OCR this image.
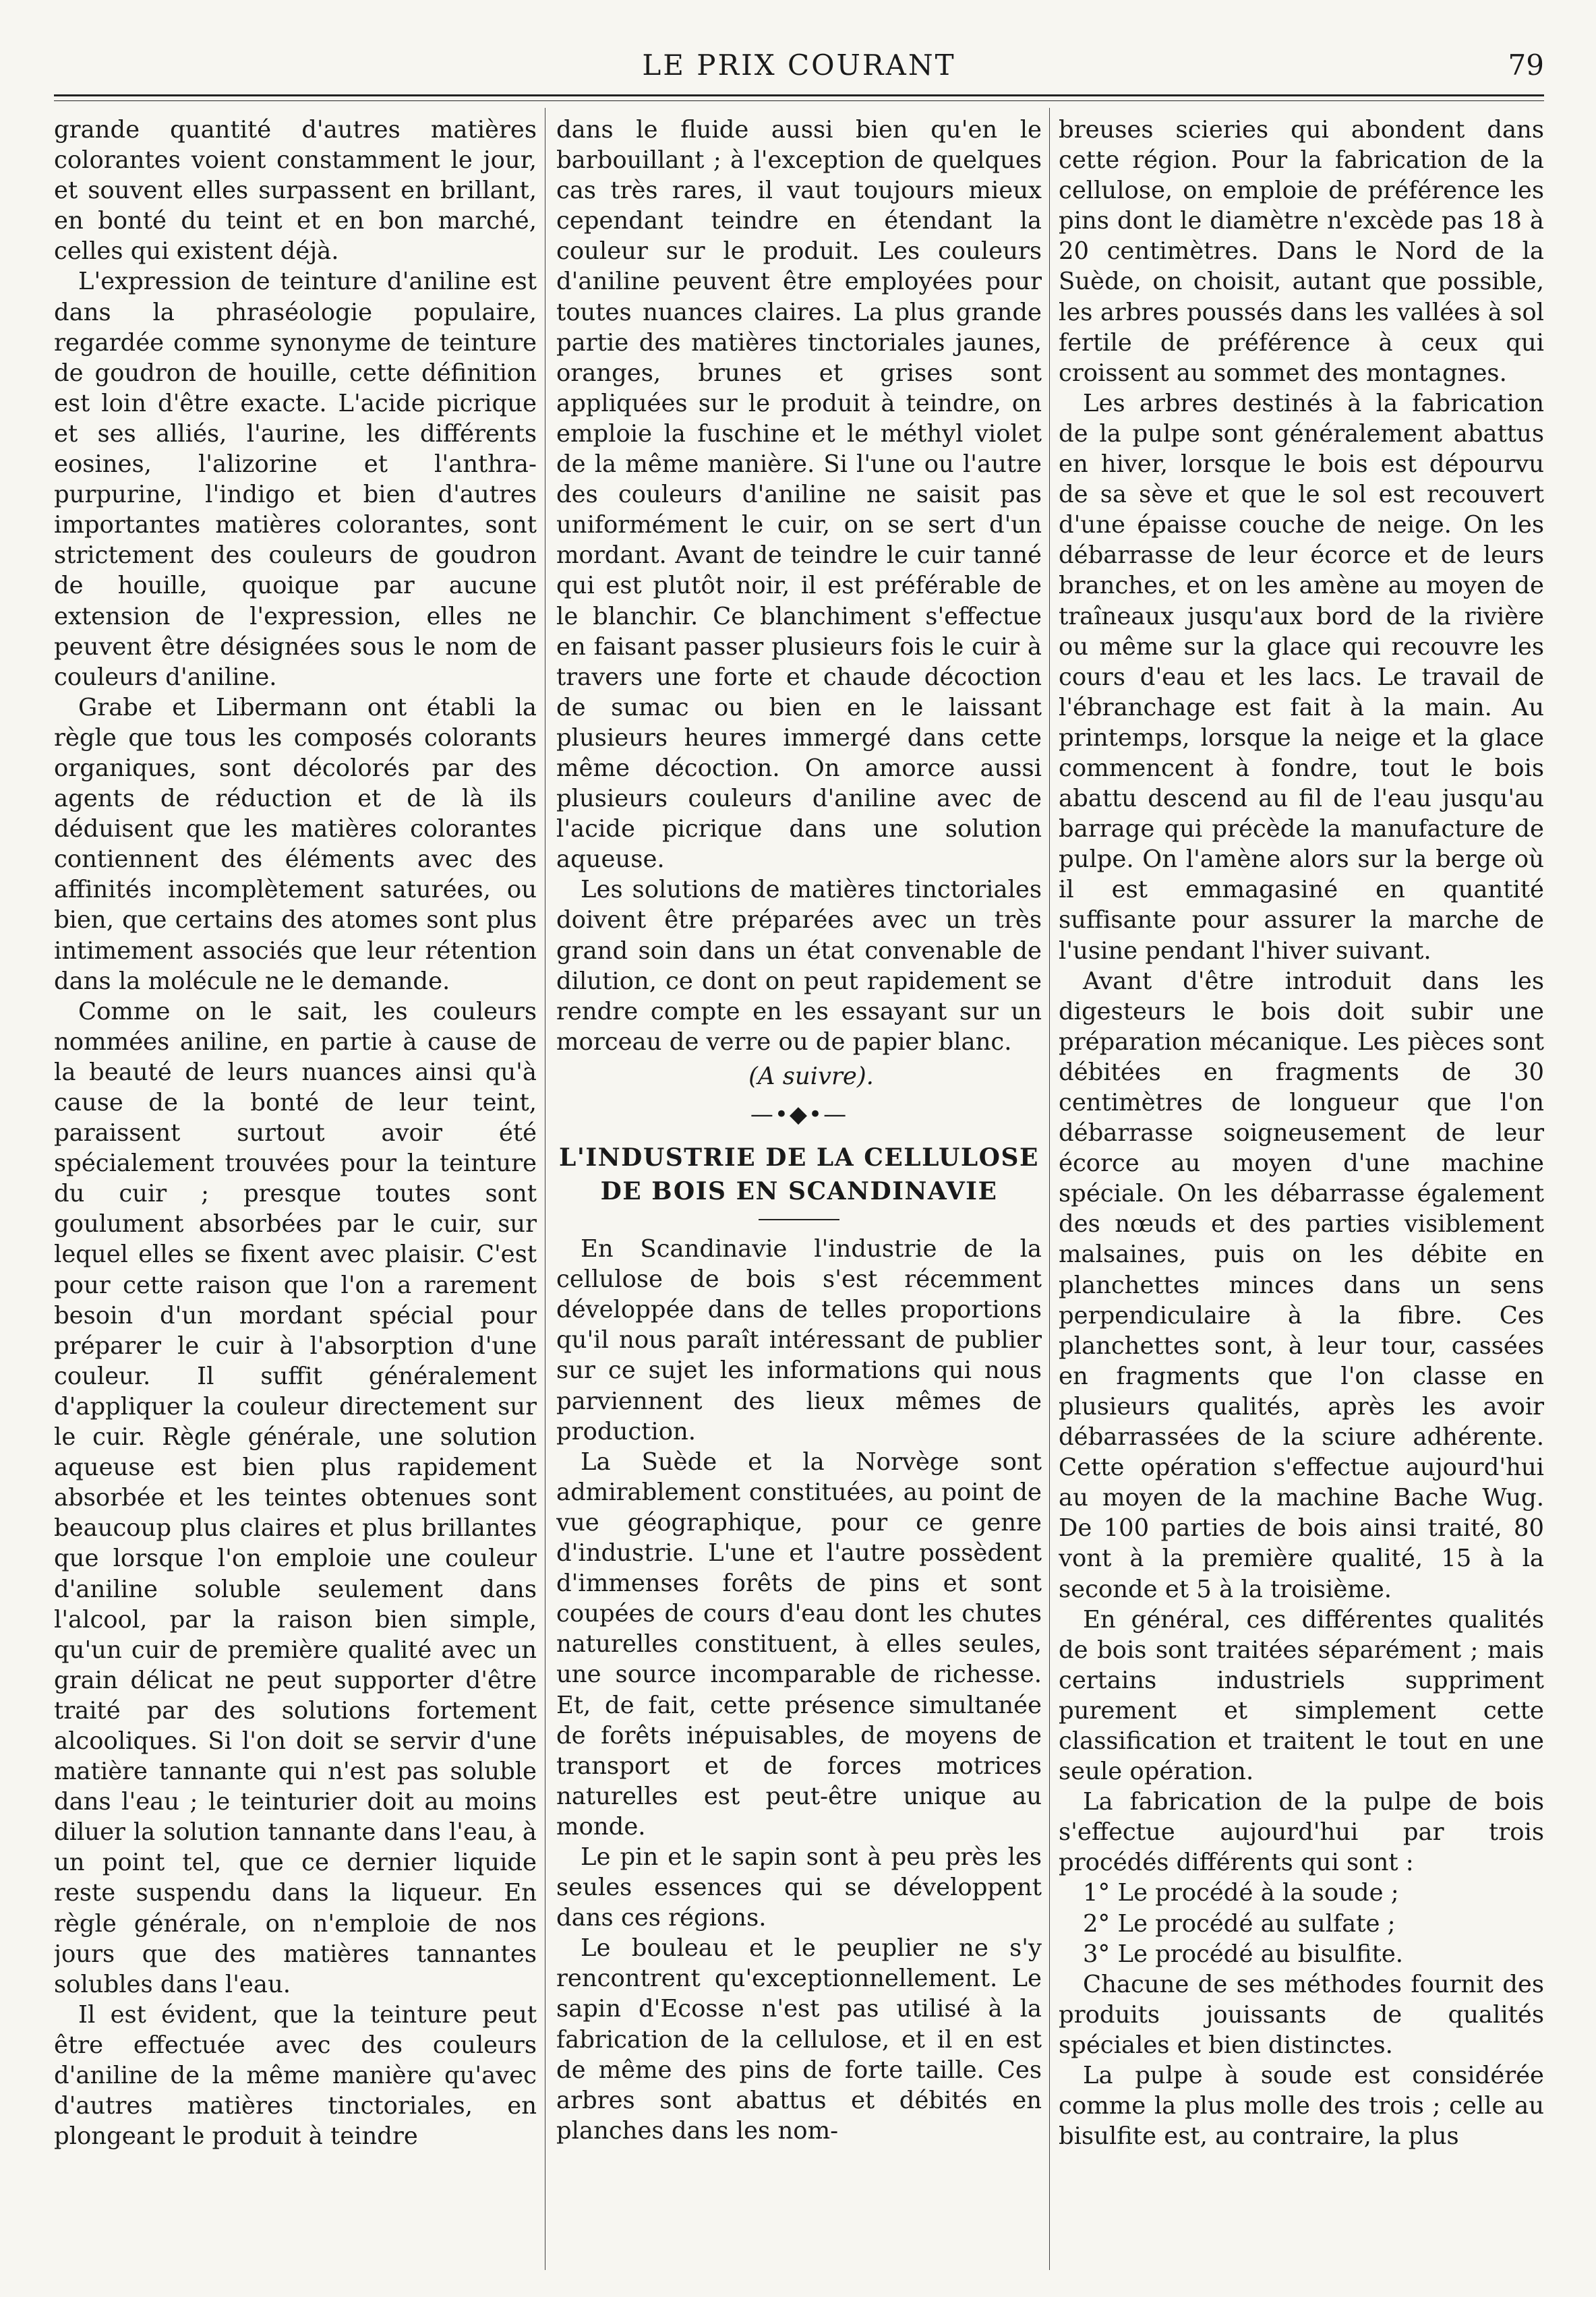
LE PRIX COURANT	79

grande quantité d'autres matières colorantes voient constamment le jour, et souvent elles surpassent en brillant, en bonté du teint et en bon marché, celles qui existent déjà.

L'expression de teinture d'aniline est dans la phraséologie populaire, regardée comme synonyme de teinture de goudron de houille, cette définition est loin d'être exacte. L'acide picrique et ses alliés, l'aurine, les différents eosines, l'alizorine et l'anthra-purpurine, l'indigo et bien d'autres importantes matières colorantes, sont strictement des couleurs de goudron de houille, quoique par aucune extension de l'expression, elles ne peuvent être désignées sous le nom de couleurs d'aniline.

Grabe et Libermann ont établi la règle que tous les composés colorants organiques, sont décolorés par des agents de réduction et de là ils déduisent que les matières colorantes contiennent des éléments avec des affinités incomplètement saturées, ou bien, que certains des atomes sont plus intimement associés que leur rétention dans la molécule ne le demande.

Comme on le sait, les couleurs nommées aniline, en partie à cause de la beauté de leurs nuances ainsi qu'à cause de la bonté de leur teint, paraissent surtout avoir été spécialement trouvées pour la teinture du cuir ; presque toutes sont goulument absorbées par le cuir, sur lequel elles se fixent avec plaisir. C'est pour cette raison que l'on a rarement besoin d'un mordant spécial pour préparer le cuir à l'absorption d'une couleur. Il suffit généralement d'appliquer la couleur directement sur le cuir. Règle générale, une solution aqueuse est bien plus rapidement absorbée et les teintes obtenues sont beaucoup plus claires et plus brillantes que lorsque l'on emploie une couleur d'aniline soluble seulement dans l'alcool, par la raison bien simple, qu'un cuir de première qualité avec un grain délicat ne peut supporter d'être traité par des solutions fortement alcooliques. Si l'on doit se servir d'une matière tannante qui n'est pas soluble dans l'eau ; le teinturier doit au moins diluer la solution tannante dans l'eau, à un point tel, que ce dernier liquide reste suspendu dans la liqueur. En règle générale, on n'emploie de nos jours que des matières tannantes solubles dans l'eau.

Il est évident, que la teinture peut être effectuée avec des couleurs d'aniline de la même manière qu'avec d'autres matières tinctoriales, en plongeant le produit à teindre

dans le fluide aussi bien qu'en le barbouillant ; à l'exception de quelques cas très rares, il vaut toujours mieux cependant teindre en étendant la couleur sur le produit. Les couleurs d'aniline peuvent être employées pour toutes nuances claires. La plus grande partie des matières tinctoriales jaunes, oranges, brunes et grises sont appliquées sur le produit à teindre, on emploie la fuschine et le méthyl violet de la même manière. Si l'une ou l'autre des couleurs d'aniline ne saisit pas uniformément le cuir, on se sert d'un mordant. Avant de teindre le cuir tanné qui est plutôt noir, il est préférable de le blanchir. Ce blanchiment s'effectue en faisant passer plusieurs fois le cuir à travers une forte et chaude décoction de sumac ou bien en le laissant plusieurs heures immergé dans cette même décoction. On amorce aussi plusieurs couleurs d'aniline avec de l'acide picrique dans une solution aqueuse.

Les solutions de matières tinctoriales doivent être préparées avec un très grand soin dans un état convenable de dilution, ce dont on peut rapidement se rendre compte en les essayant sur un morceau de verre ou de papier blanc.

(A suivre).

—•◆•—
L'INDUSTRIE DE LA CELLULOSE
DE BOIS EN SCANDINAVIE

En Scandinavie l'industrie de la cellulose de bois s'est récemment développée dans de telles proportions qu'il nous paraît intéressant de publier sur ce sujet les informations qui nous parviennent des lieux mêmes de production.

La Suède et la Norvège sont admirablement constituées, au point de vue géographique, pour ce genre d'industrie. L'une et l'autre possèdent d'immenses forêts de pins et sont coupées de cours d'eau dont les chutes naturelles constituent, à elles seules, une source incomparable de richesse. Et, de fait, cette présence simultanée de forêts inépuisables, de moyens de transport et de forces motrices naturelles est peut-être unique au monde.

Le pin et le sapin sont à peu près les seules essences qui se développent dans ces régions.

Le bouleau et le peuplier ne s'y rencontrent qu'exceptionnellement. Le sapin d'Ecosse n'est pas utilisé à la fabrication de la cellulose, et il en est de même des pins de forte taille. Ces arbres sont abattus et débités en planches dans les nom-

breuses scieries qui abondent dans cette région. Pour la fabrication de la cellulose, on emploie de préférence les pins dont le diamètre n'excède pas 18 à 20 centimètres. Dans le Nord de la Suède, on choisit, autant que possible, les arbres poussés dans les vallées à sol fertile de préférence à ceux qui croissent au sommet des montagnes.

Les arbres destinés à la fabrication de la pulpe sont généralement abattus en hiver, lorsque le bois est dépourvu de sa sève et que le sol est recouvert d'une épaisse couche de neige. On les débarrasse de leur écorce et de leurs branches, et on les amène au moyen de traîneaux jusqu'aux bord de la rivière ou même sur la glace qui recouvre les cours d'eau et les lacs. Le travail de l'ébranchage est fait à la main. Au printemps, lorsque la neige et la glace commencent à fondre, tout le bois abattu descend au fil de l'eau jusqu'au barrage qui précède la manufacture de pulpe. On l'amène alors sur la berge où il est emmagasiné en quantité suffisante pour assurer la marche de l'usine pendant l'hiver suivant.

Avant d'être introduit dans les digesteurs le bois doit subir une préparation mécanique. Les pièces sont débitées en fragments de 30 centimètres de longueur que l'on débarrasse soigneusement de leur écorce au moyen d'une machine spéciale. On les débarrasse également des nœuds et des parties visiblement malsaines, puis on les débite en planchettes minces dans un sens perpendiculaire à la fibre. Ces planchettes sont, à leur tour, cassées en fragments que l'on classe en plusieurs qualités, après les avoir débarrassées de la sciure adhérente. Cette opération s'effectue aujourd'hui au moyen de la machine Bache Wug. De 100 parties de bois ainsi traité, 80 vont à la première qualité, 15 à la seconde et 5 à la troisième.

En général, ces différentes qualités de bois sont traitées séparément ; mais certains industriels suppriment purement et simplement cette classification et traitent le tout en une seule opération.

La fabrication de la pulpe de bois s'effectue aujourd'hui par trois procédés différents qui sont :

1° Le procédé à la soude ;

2° Le procédé au sulfate ;

3° Le procédé au bisulfite.

Chacune de ses méthodes fournit des produits jouissants de qualités spéciales et bien distinctes.

La pulpe à soude est considérée comme la plus molle des trois ; celle au bisulfite est, au contraire, la plus
